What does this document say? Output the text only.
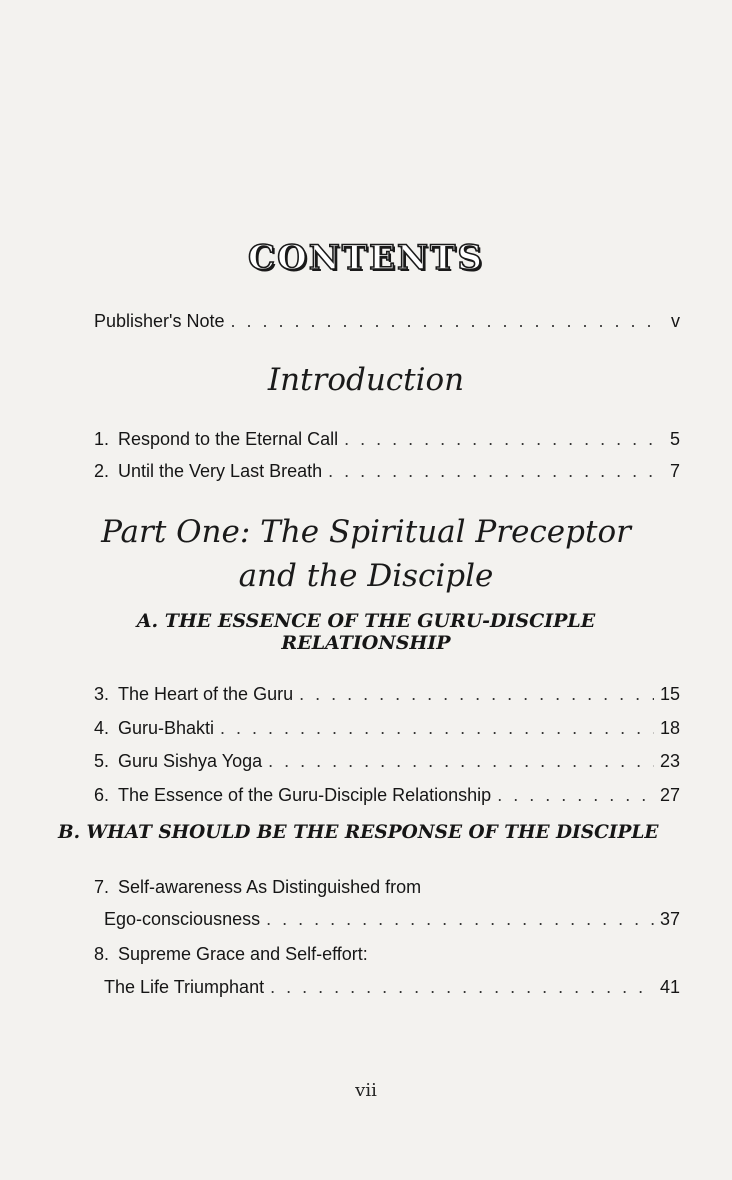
CONTENTS
Publisher's Note . . .	v
Introduction
1. Respond to the Eternal Call . . .	5
2. Until the Very Last Breath . . .	7
Part One: The Spiritual Preceptor
and the Disciple
A. THE ESSENCE OF THE GURU-DISCIPLE
RELATIONSHIP
3. The Heart of the Guru . . .	15
4. Guru-Bhakti . . .	18
5. Guru Sishya Yoga . . .	23
6. The Essence of the Guru-Disciple Relationship . . .	27
B. WHAT SHOULD BE THE RESPONSE OF THE DISCIPLE
7. Self-awareness As Distinguished from
Ego-consciousness . . .	37
8. Supreme Grace and Self-effort:
The Life Triumphant . . .	41
vii
